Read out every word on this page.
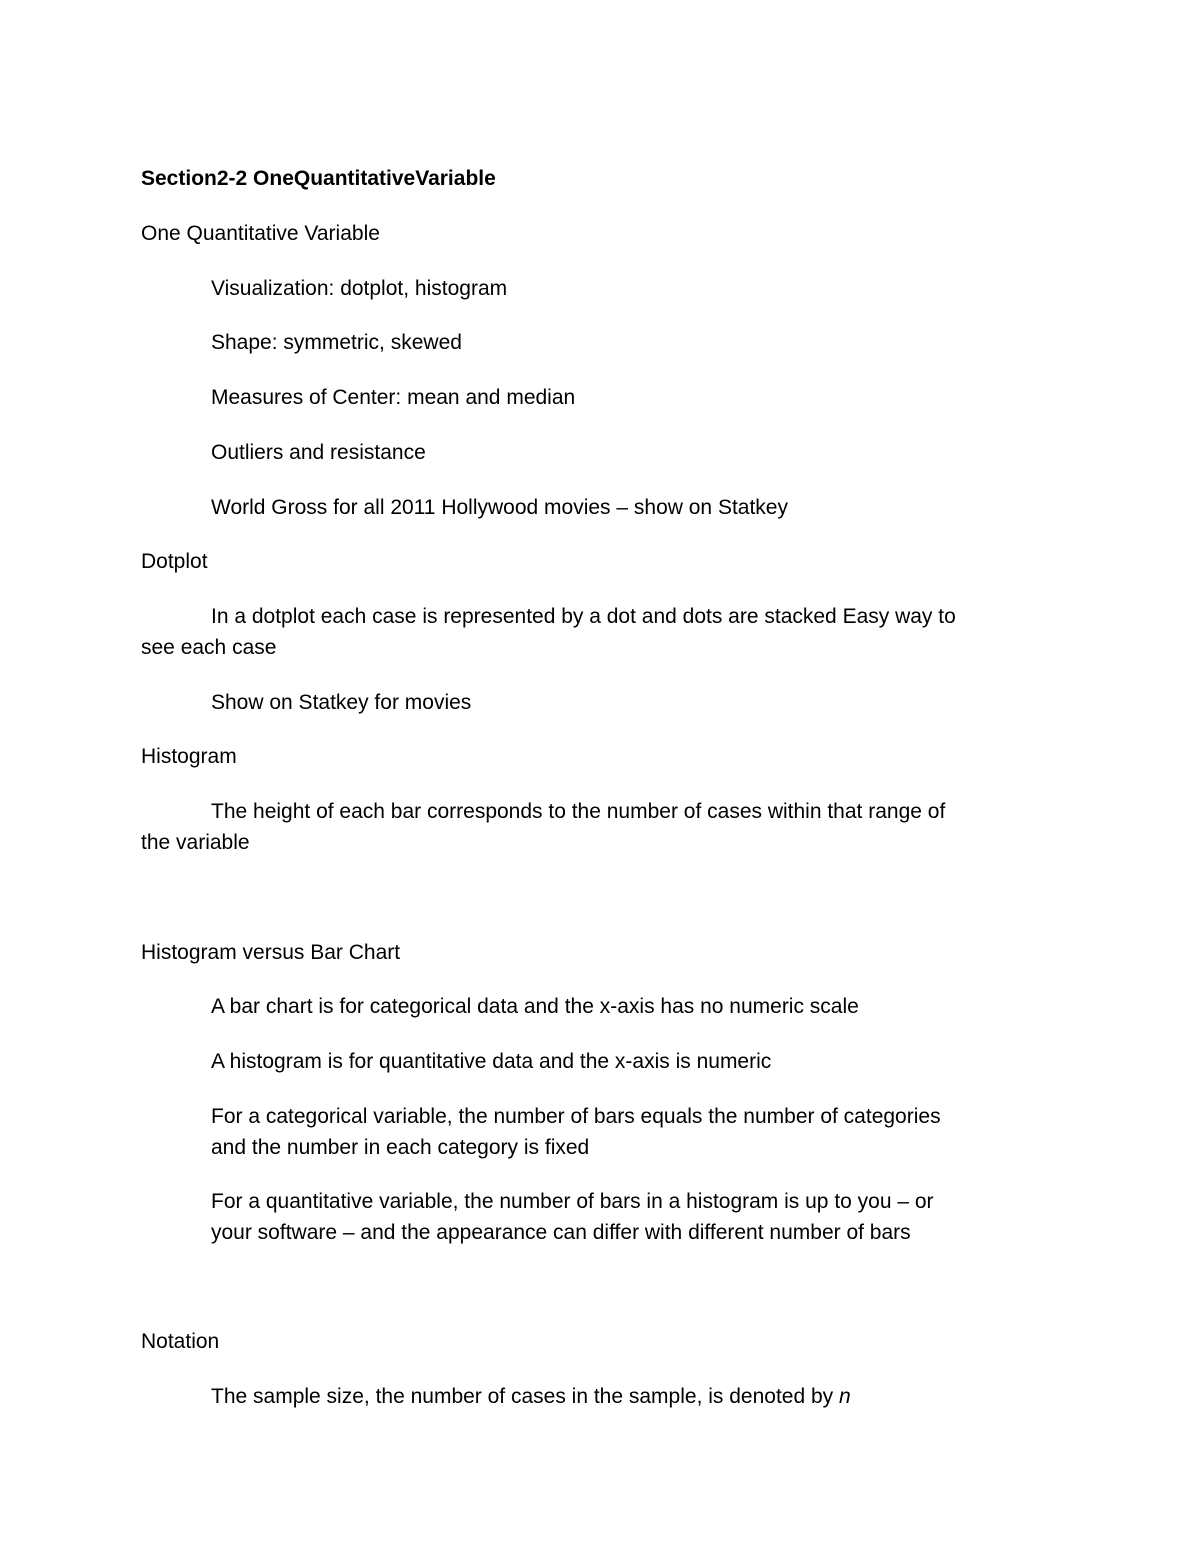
Section2-2 OneQuantitativeVariable
One Quantitative Variable
Visualization: dotplot, histogram
Shape: symmetric, skewed
Measures of Center: mean and median
Outliers and resistance
World Gross for all 2011 Hollywood movies – show on Statkey
Dotplot
In a dotplot each case is represented by a dot and dots are stacked Easy way to
see each case
Show on Statkey for movies
Histogram
The height of each bar corresponds to the number of cases within that range of
the variable
Histogram versus Bar Chart
A bar chart is for categorical data and the x-axis has no numeric scale
A histogram is for quantitative data and the x-axis is numeric
For a categorical variable, the number of bars equals the number of categories
and the number in each category is fixed
For a quantitative variable, the number of bars in a histogram is up to you – or
your software – and the appearance can differ with different number of bars
Notation
The sample size, the number of cases in the sample, is denoted by n
